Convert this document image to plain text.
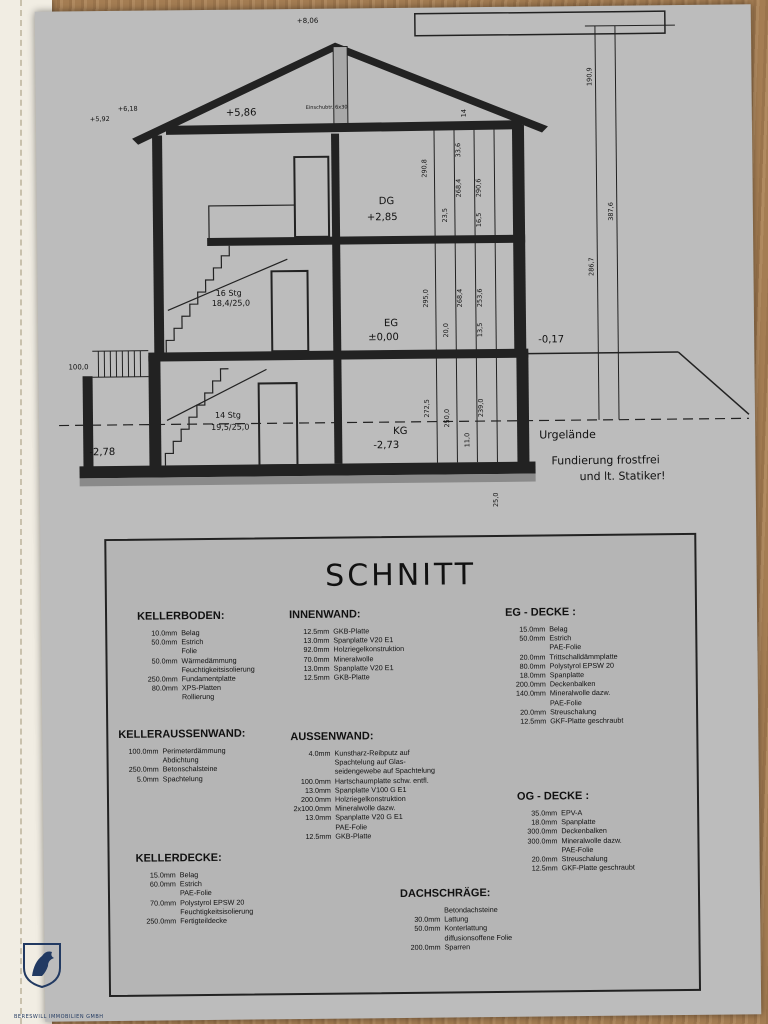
+8,06
+6,18
+5,92
+5,86	Einschubtr. 6x30
DG
+2,85
EG
±0,00
KG
-2,73
-0,17
-2,78
100,0
16 Stg
18,4/25,0
14 Stg
19,5/25,0
290,8
33,6
23,5
268,4 290,6
16,5
295,0
20,0
268,4
13,5
253,6
272,5
250,0
11,0
239,0
190,9
286,7
387,6
25,0
14
Urgelände
Fundierung frostfrei
und lt. Statiker!
SCHNITT
KELLERBODEN:
10.0mm Belag
50.0mm Estrich
Folie
50.0mm Wärmedämmung
Feuchtigkeitsisolierung
250.0mm Fundamentplatte
80.0mm XPS-Platten
Rollierung
KELLERAUSSENWAND:
100.0mm Perimeterdämmung
Abdichtung
250.0mm Betonschalsteine
5.0mm Spachtelung
KELLERDECKE:
15.0mm Belag
60.0mm Estrich
PAE-Folie
70.0mm Polystyrol EPSW 20
Feuchtigkeitsisolierung
250.0mm Fertigteildecke
INNENWAND:
12.5mm GKB-Platte
13.0mm Spanplatte V20 E1
92.0mm Holzriegelkonstruktion
70.0mm Mineralwolle
13.0mm Spanplatte V20 E1
12.5mm GKB-Platte
AUSSENWAND:
4.0mm Kunstharz-Reibputz auf
Spachtelung auf Glas-
seidengewebe auf Spachtelung
100.0mm Hartschaumplatte schw. entfl.
13.0mm Spanplatte V100 G E1
200.0mm Holzriegelkonstruktion
2x100.0mm Mineralwolle dazw.
13.0mm Spanplatte V20 G E1
PAE-Folie
12.5mm GKB-Platte
DACHSCHRÄGE:
Betondachsteine
30.0mm Lattung
50.0mm Konterlattung
diffusionsoffene Folie
200.0mm Sparren
EG - DECKE :
15.0mm Belag
50.0mm Estrich
PAE-Folie
20.0mm Trittschalldämmplatte
80.0mm Polystyrol EPSW 20
18.0mm Spanplatte
200.0mm Deckenbalken
140.0mm Mineralwolle dazw.
PAE-Folie
20.0mm Streuschalung
12.5mm GKF-Platte geschraubt
OG - DECKE :
35.0mm EPV-A
18.0mm Spanplatte
300.0mm Deckenbalken
300.0mm Mineralwolle dazw.
PAE-Folie
20.0mm Streuschalung
12.5mm GKF-Platte geschraubt
BERESWILL IMMOBILIEN GMBH
